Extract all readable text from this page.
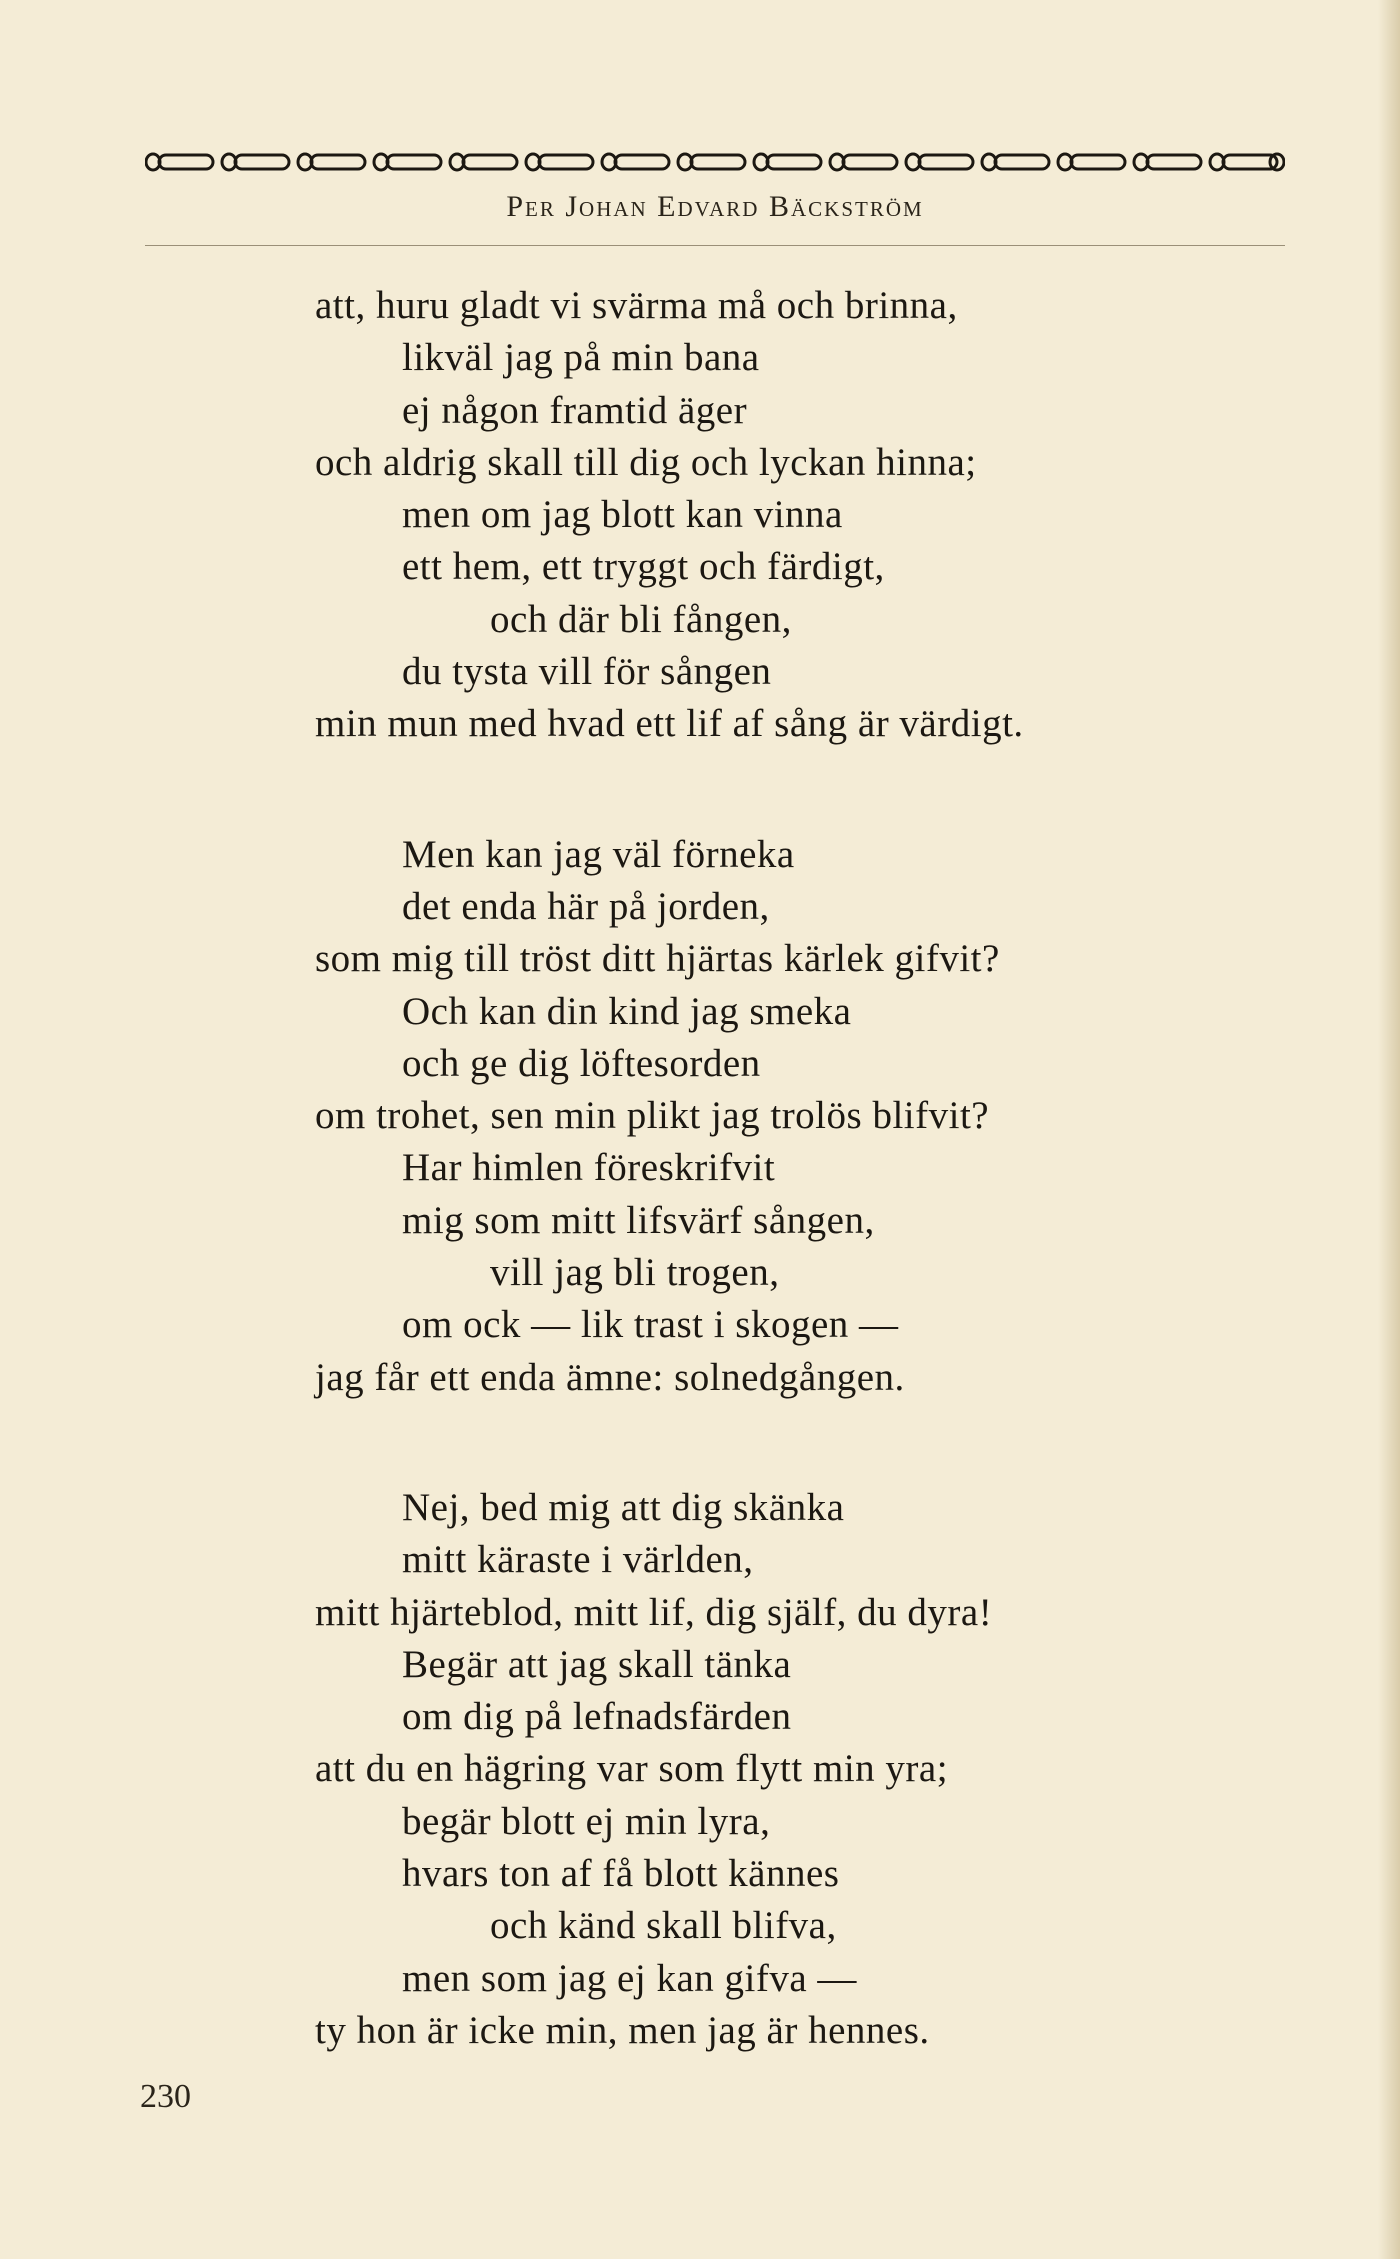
Per Johan Edvard Bäckström
att, huru gladt vi svärma må och brinna,
likväl jag på min bana
ej någon framtid äger
och aldrig skall till dig och lyckan hinna;
men om jag blott kan vinna
ett hem, ett tryggt och färdigt,
och där bli fången,
du tysta vill för sången
min mun med hvad ett lif af sång är värdigt.
Men kan jag väl förneka
det enda här på jorden,
som mig till tröst ditt hjärtas kärlek gifvit?
Och kan din kind jag smeka
och ge dig löftesorden
om trohet, sen min plikt jag trolös blifvit?
Har himlen föreskrifvit
mig som mitt lifsvärf sången,
vill jag bli trogen,
om ock — lik trast i skogen —
jag får ett enda ämne: solnedgången.
Nej, bed mig att dig skänka
mitt käraste i världen,
mitt hjärteblod, mitt lif, dig själf, du dyra!
Begär att jag skall tänka
om dig på lefnadsfärden
att du en hägring var som flytt min yra;
begär blott ej min lyra,
hvars ton af få blott kännes
och känd skall blifva,
men som jag ej kan gifva —
ty hon är icke min, men jag är hennes.
230
